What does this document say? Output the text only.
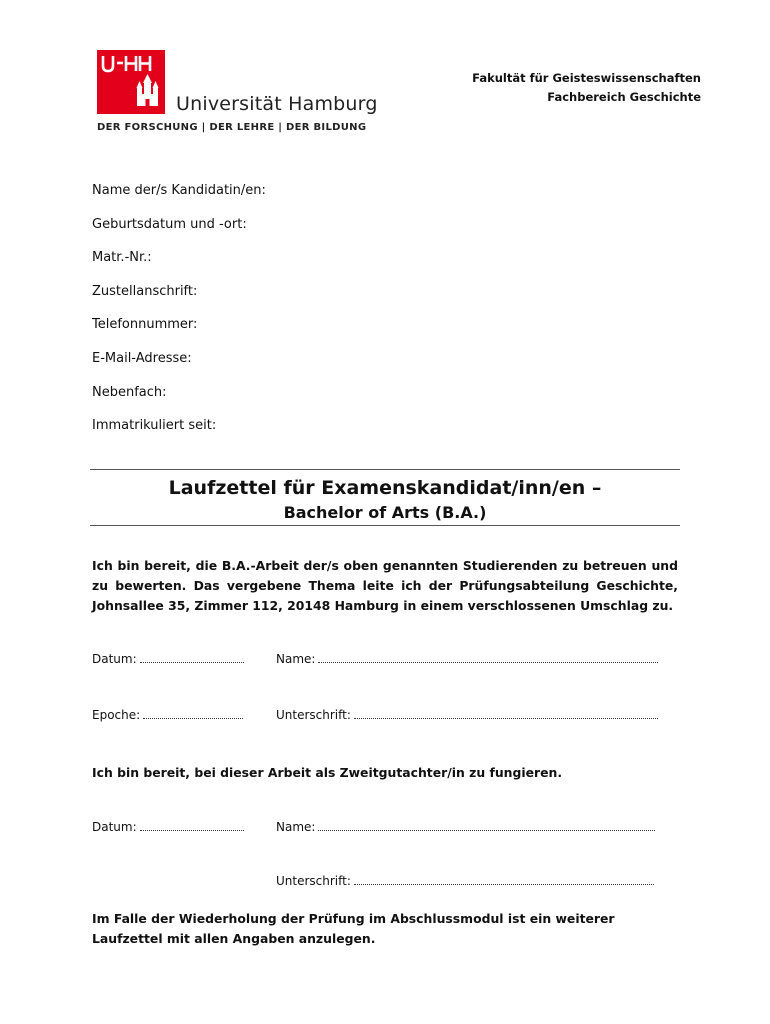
Universität Hamburg
DER FORSCHUNG | DER LEHRE | DER BILDUNG
Fakultät für Geisteswissenschaften
Fachbereich Geschichte
Name der/s Kandidatin/en:
Geburtsdatum und -ort:
Matr.-Nr.:
Zustellanschrift:
Telefonnummer:
E-Mail-Adresse:
Nebenfach:
Immatrikuliert seit:
Laufzettel für Examenskandidat/inn/en –
Bachelor of Arts (B.A.)
Ich bin bereit, die B.A.-Arbeit der/s oben genannten Studierenden zu betreuen und zu bewerten. Das vergebene Thema leite ich der Prüfungsabteilung Geschichte, Johnsallee 35, Zimmer 112, 20148 Hamburg in einem verschlossenen Umschlag zu.
Datum:	Name:
Epoche:	Unterschrift:
Ich bin bereit, bei dieser Arbeit als Zweitgutachter/in zu fungieren.
Datum:	Name:
Unterschrift:
Im Falle der Wiederholung der Prüfung im Abschlussmodul ist ein weiterer Laufzettel mit allen Angaben anzulegen.
